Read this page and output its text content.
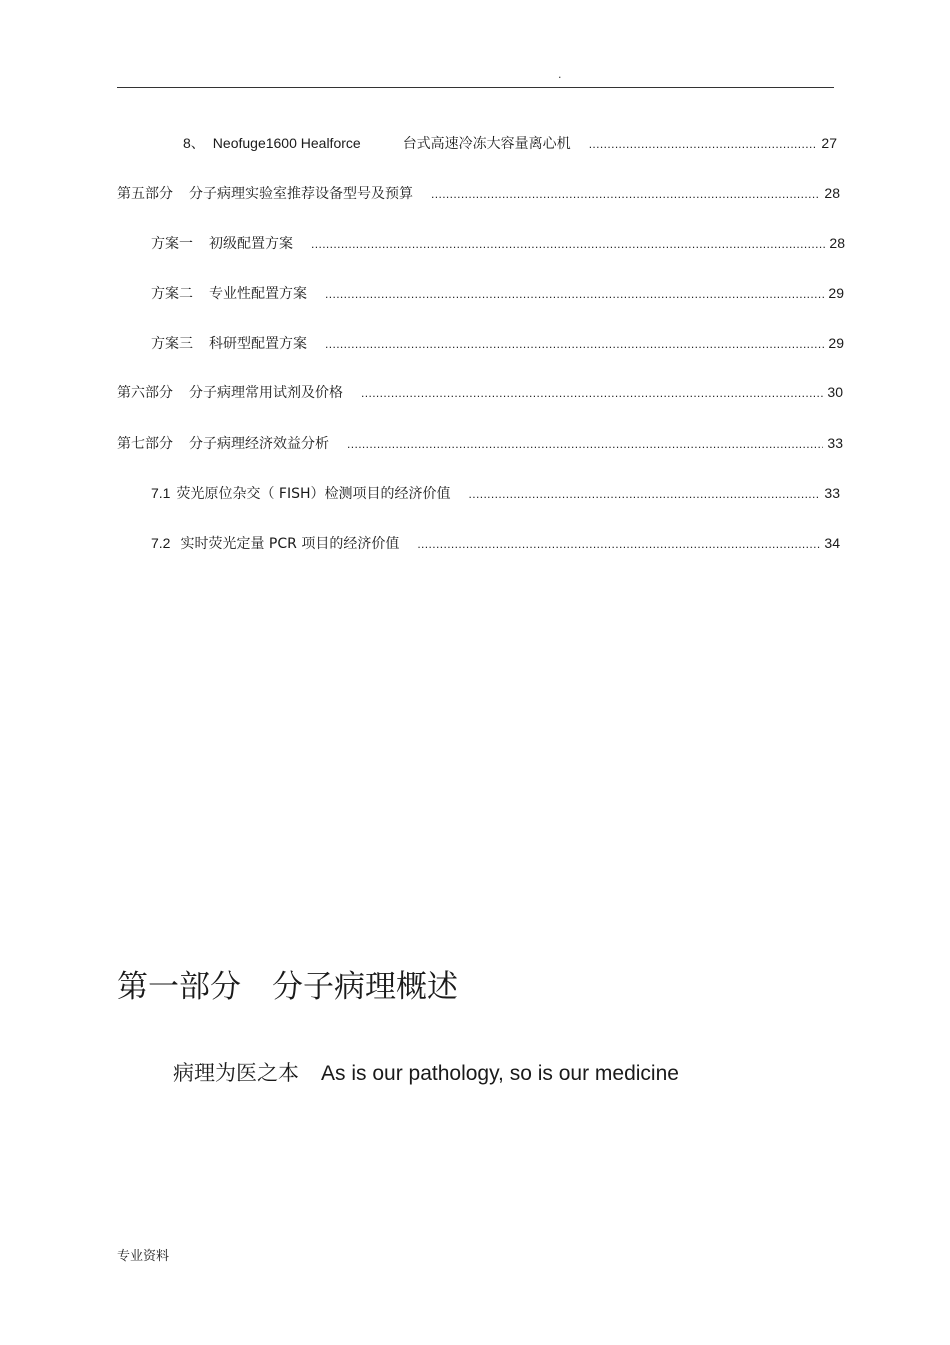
.
8、 Neofuge1600 Healforce	台式高速冷冻大容量离心机 .....	27
第五部分 分子病理实验室推荐设备型号及预算 .....	28
方案一 初级配置方案 .....	28
方案二 专业性配置方案 .....	29
方案三 科研型配置方案 .....	29
第六部分 分子病理常用试剂及价格 .....	30
第七部分 分子病理经济效益分析 .....	33
7.1 荧光原位杂交（ FISH）检测项目的经济价值 .....	33
7.2 实时荧光定量 PCR 项目的经济价值 .....	34
第一部分　分子病理概述
病理为医之本 As is our pathology, so is our medicine
专业资料
